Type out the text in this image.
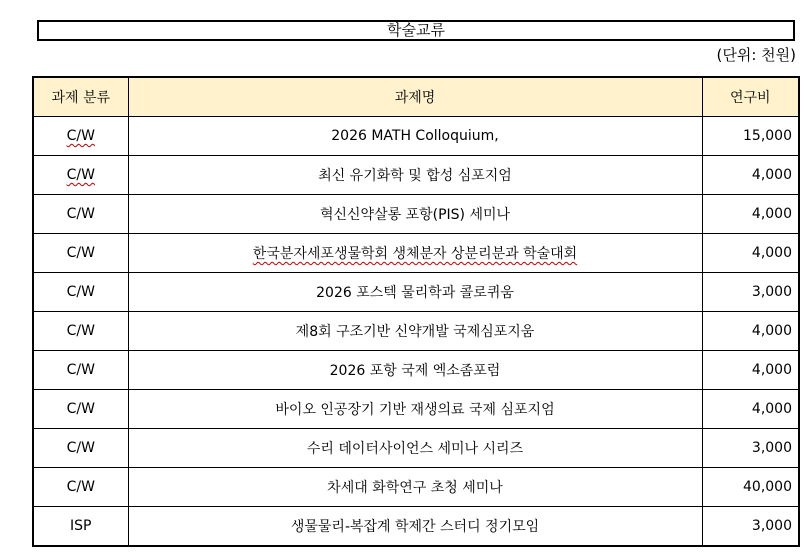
학술교류
(단위: 천원)
과제 분류	과제명	연구비
C/W	2026 MATH Colloquium,	15,000
C/W	최신 유기화학 및 합성 심포지엄	4,000
C/W	혁신신약살롱 포항(PIS) 세미나	4,000
C/W	한국분자세포생물학회 생체분자 상분리분과 학술대회	4,000
C/W	2026 포스텍 물리학과 콜로퀴움	3,000
C/W	제8회 구조기반 신약개발 국제심포지움	4,000
C/W	2026 포항 국제 엑소좀포럼	4,000
C/W	바이오 인공장기 기반 재생의료 국제 심포지엄	4,000
C/W	수리 데이터사이언스 세미나 시리즈	3,000
C/W	차세대 화학연구 초청 세미나	40,000
ISP	생물물리-복잡계 학제간 스터디 정기모임	3,000
